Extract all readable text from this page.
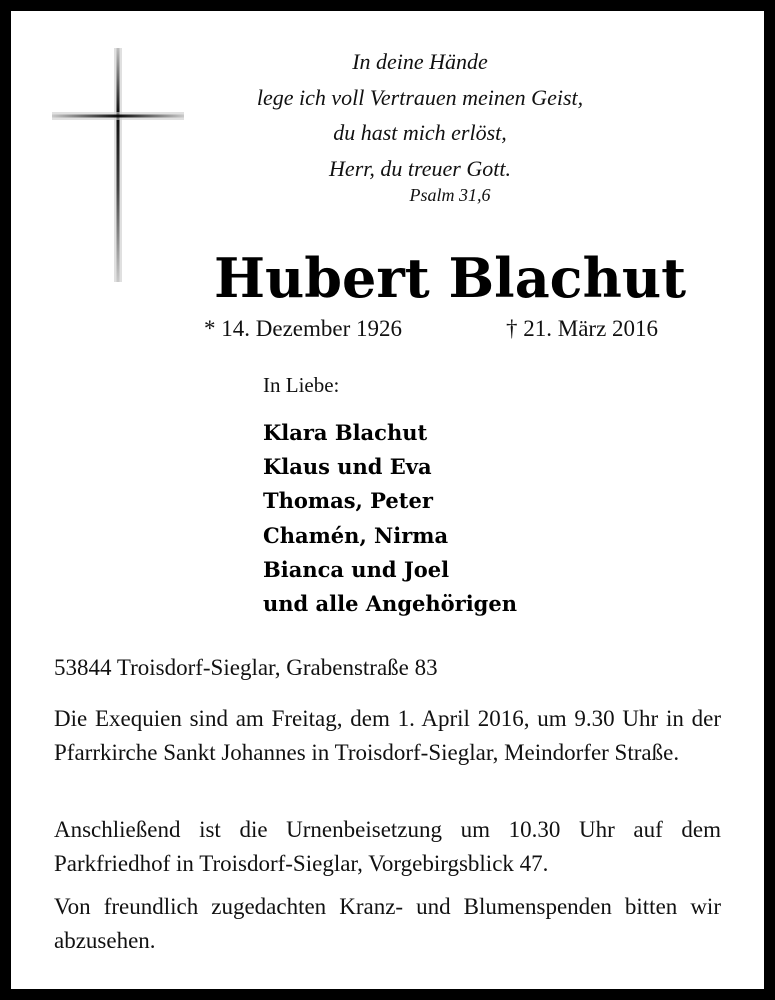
In deine Hände
lege ich voll Vertrauen meinen Geist,
du hast mich erlöst,
Herr, du treuer Gott.
Psalm 31,6
Hubert Blachut
* 14. Dezember 1926	† 21. März 2016
In Liebe:
Klara Blachut
Klaus und Eva
Thomas, Peter
Chamén, Nirma
Bianca und Joel
und alle Angehörigen
53844 Troisdorf-Sieglar, Grabenstraße 83
Die Exequien sind am Freitag, dem 1. April 2016, um 9.30 Uhr in der Pfarrkirche Sankt Johannes in Troisdorf-Sieglar, Meindorfer Straße.
Anschließend ist die Urnenbeisetzung um 10.30 Uhr auf dem Parkfriedhof in Troisdorf-Sieglar, Vorgebirgsblick 47.
Von freundlich zugedachten Kranz- und Blumenspenden bitten wir abzusehen.
